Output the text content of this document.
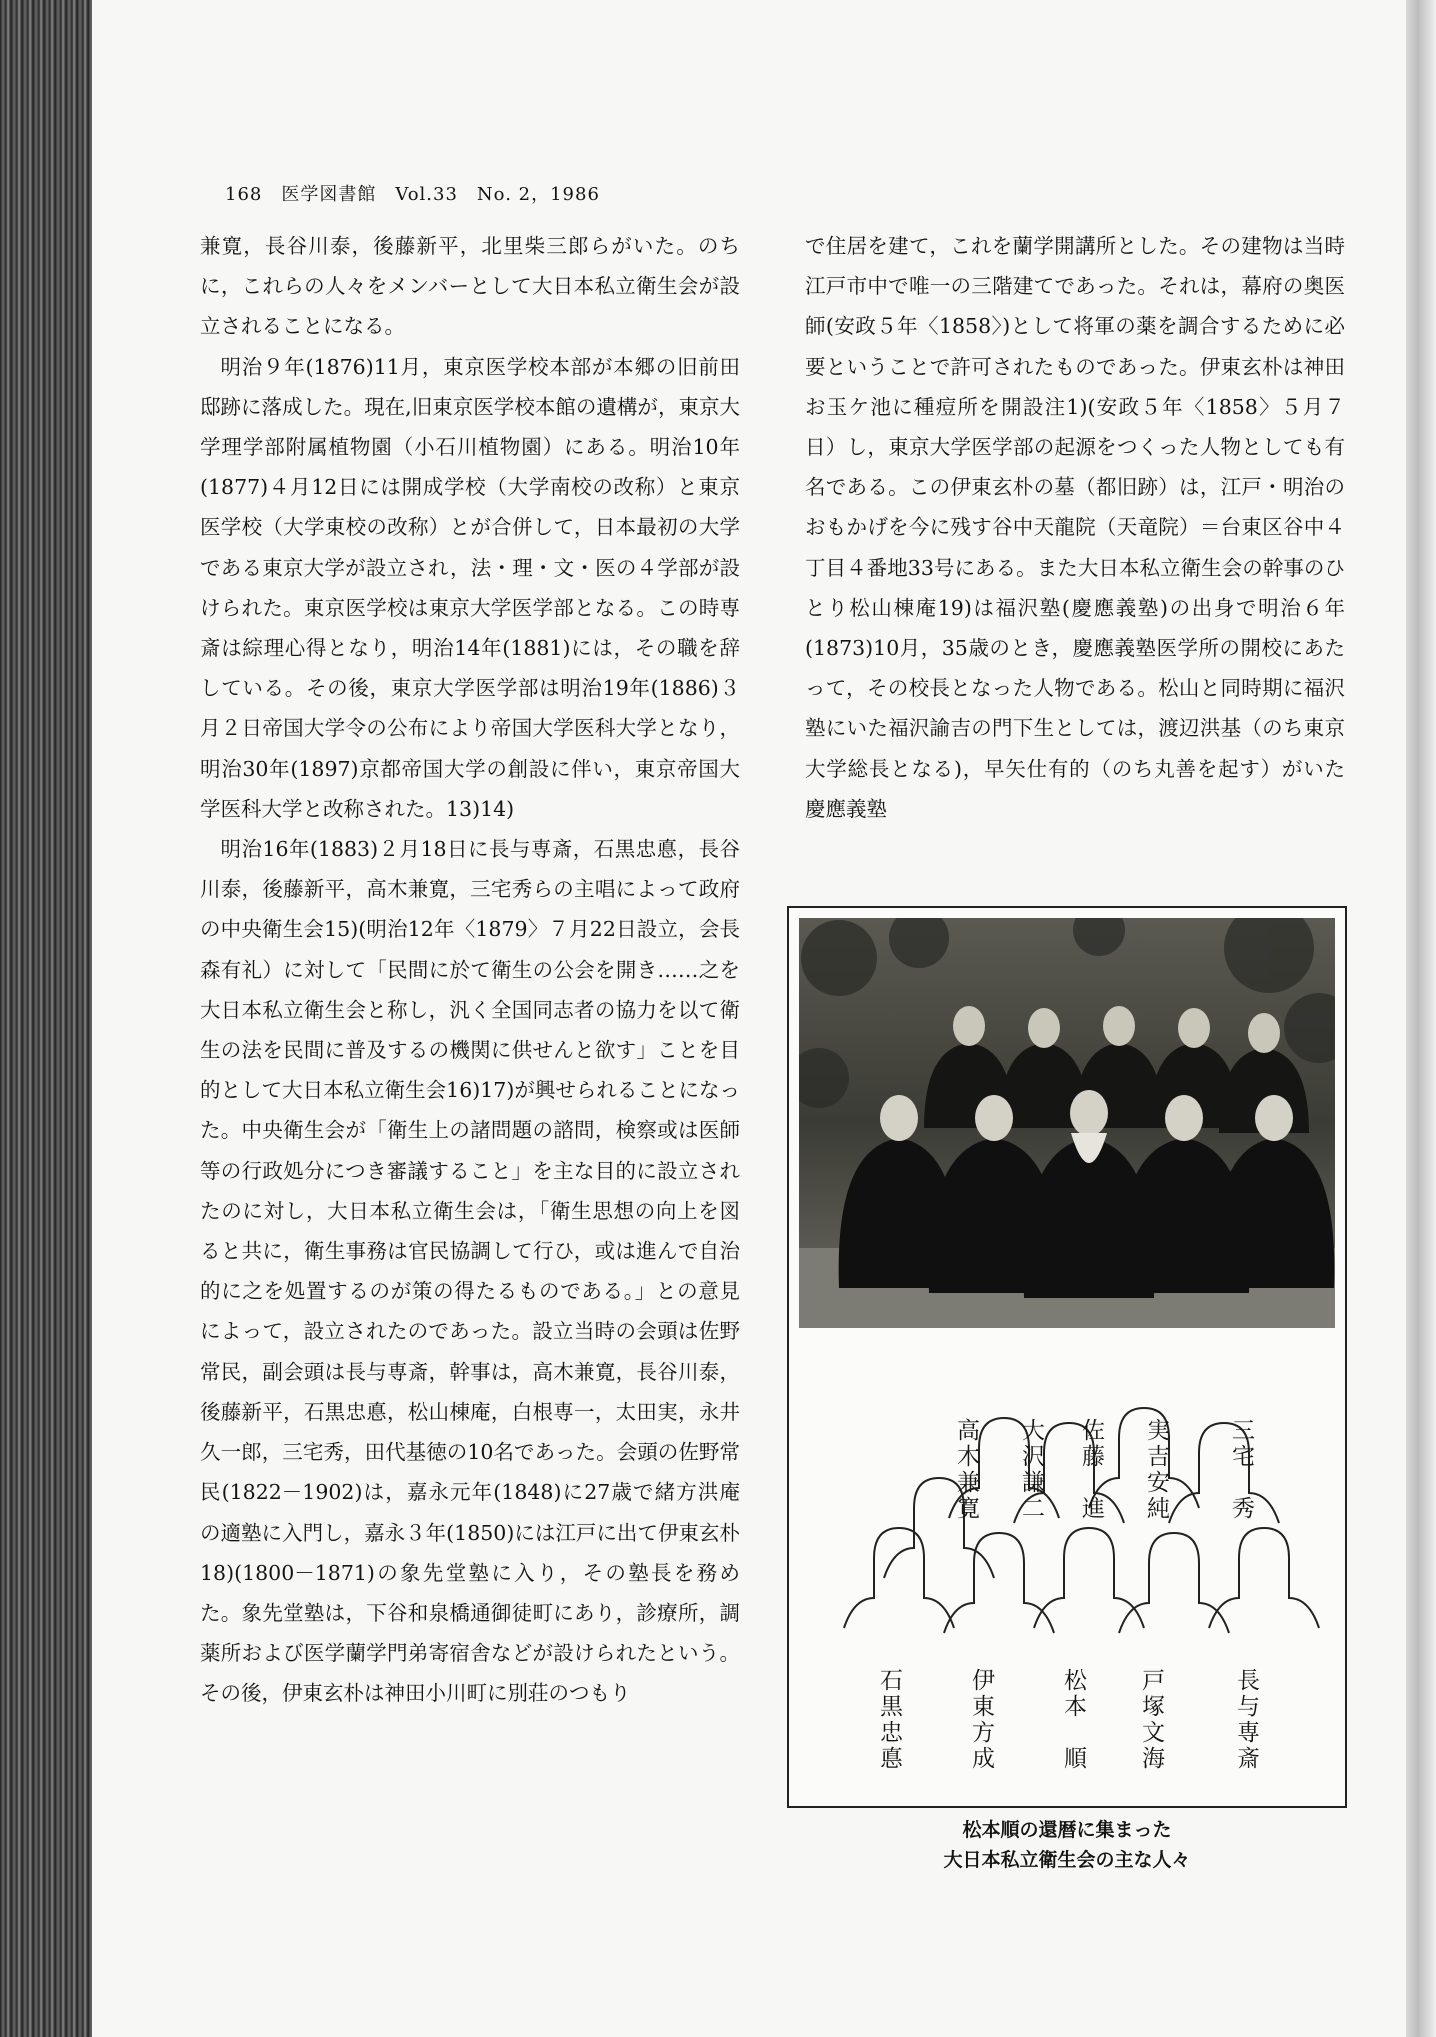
168　医学図書館　Vol.33　No. 2，1986

兼寛，長谷川泰，後藤新平，北里柴三郎らがいた。のちに，これらの人々をメンバーとして大日本私立衛生会が設立されることになる。

明治９年(1876)11月，東京医学校本部が本郷の旧前田邸跡に落成した。現在,旧東京医学校本館の遺構が，東京大学理学部附属植物園（小石川植物園）にある。明治10年(1877)４月12日には開成学校（大学南校の改称）と東京医学校（大学東校の改称）とが合併して，日本最初の大学である東京大学が設立され，法・理・文・医の４学部が設けられた。東京医学校は東京大学医学部となる。この時専斎は綜理心得となり，明治14年(1881)には，その職を辞している。その後，東京大学医学部は明治19年(1886)３月２日帝国大学令の公布により帝国大学医科大学となり，明治30年(1897)京都帝国大学の創設に伴い，東京帝国大学医科大学と改称された。13)14)

明治16年(1883)２月18日に長与専斎，石黒忠悳，長谷川泰，後藤新平，高木兼寛，三宅秀らの主唱によって政府の中央衛生会15)(明治12年〈1879〉７月22日設立，会長森有礼）に対して「民間に於て衛生の公会を開き……之を大日本私立衛生会と称し，汎く全国同志者の協力を以て衛生の法を民間に普及するの機関に供せんと欲す」ことを目的として大日本私立衛生会16)17)が興せられることになった。中央衛生会が「衛生上の諸問題の諮問，検察或は医師等の行政処分につき審議すること」を主な目的に設立されたのに対し，大日本私立衛生会は，「衛生思想の向上を図ると共に，衛生事務は官民協調して行ひ，或は進んで自治的に之を処置するのが策の得たるものである。」との意見によって，設立されたのであった。設立当時の会頭は佐野常民，副会頭は長与専斎，幹事は，高木兼寛，長谷川泰，後藤新平，石黒忠悳，松山棟庵，白根専一，太田実，永井久一郎，三宅秀，田代基徳の10名であった。会頭の佐野常民(1822－1902)は，嘉永元年(1848)に27歳で緒方洪庵の適塾に入門し，嘉永３年(1850)には江戸に出て伊東玄朴18)(1800－1871)の象先堂塾に入り，その塾長を務めた。象先堂塾は，下谷和泉橋通御徒町にあり，診療所，調薬所および医学蘭学門弟寄宿舎などが設けられたという。その後，伊東玄朴は神田小川町に別荘のつもり

で住居を建て，これを蘭学開講所とした。その建物は当時江戸市中で唯一の三階建てであった。それは，幕府の奥医師(安政５年〈1858〉)として将軍の薬を調合するために必要ということで許可されたものであった。伊東玄朴は神田お玉ケ池に種痘所を開設注1)(安政５年〈1858〉５月７日）し，東京大学医学部の起源をつくった人物としても有名である。この伊東玄朴の墓（都旧跡）は，江戸・明治のおもかげを今に残す谷中天龍院（天竜院）＝台東区谷中４丁目４番地33号にある。また大日本私立衛生会の幹事のひとり松山棟庵19)は福沢塾(慶應義塾)の出身で明治６年(1873)10月，35歳のとき，慶應義塾医学所の開校にあたって，その校長となった人物である。松山と同時期に福沢塾にいた福沢諭吉の門下生としては，渡辺洪基（のち東京大学総長となる)，早矢仕有的（のち丸善を起す）がいた慶應義塾

三宅　秀
実吉安純
佐藤　進
大沢謙二
高木兼寛
長与専斎
戸塚文海
松本　順
伊東方成
石黒忠悳
松本順の還暦に集まった
大日本私立衛生会の主な人々
